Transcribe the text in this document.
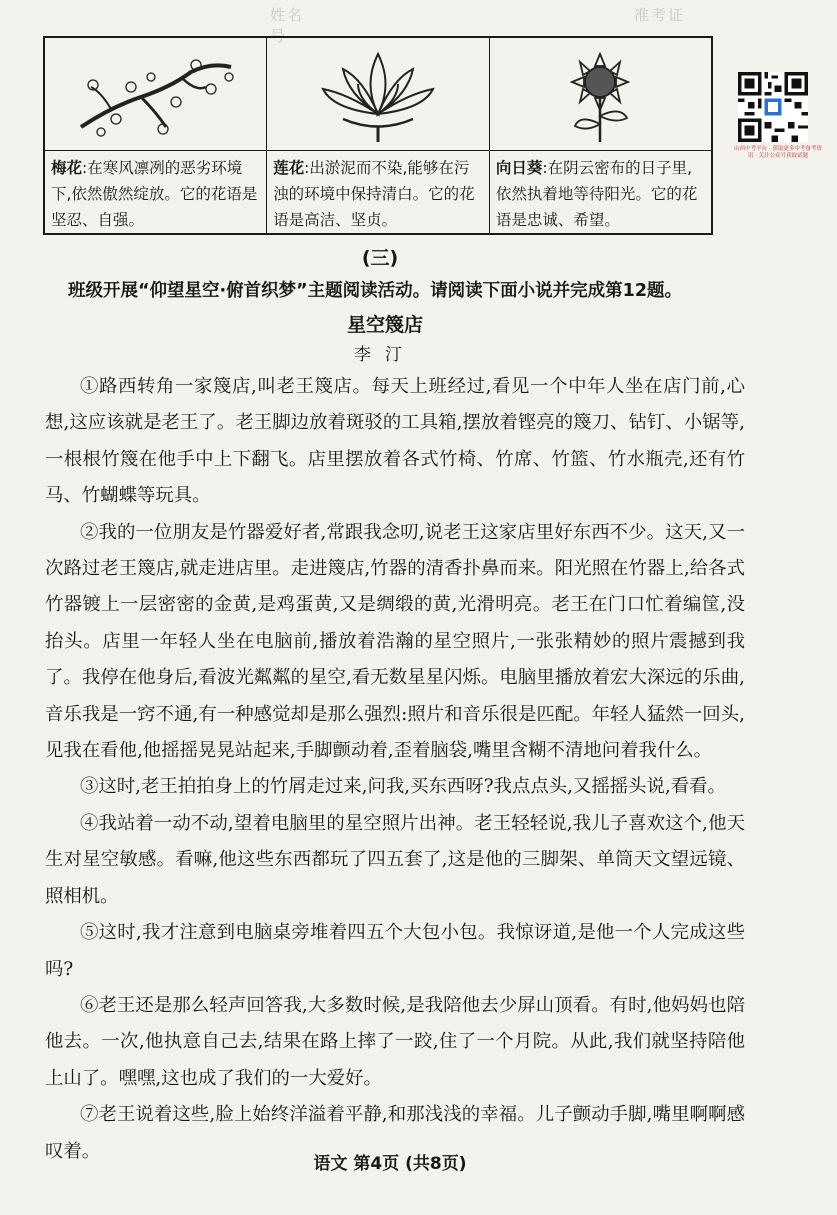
姓名	准考证号

梅花:在寒风凛冽的恶劣环境下,依然傲然绽放。它的花语是坚忍、自强。	莲花:出淤泥而不染,能够在污浊的环境中保持清白。它的花语是高洁、坚贞。	向日葵:在阴云密布的日子里,依然执着地等待阳光。它的花语是忠诚、希望。
山西中考平台 · 获取更多中考备考资讯 · 关注公众号获取试题
(三)
班级开展“仰望星空·俯首织梦”主题阅读活动。请阅读下面小说并完成第12题。
星空篾店
李汀

①路西转角一家篾店,叫老王篾店。每天上班经过,看见一个中年人坐在店门前,心想,这应该就是老王了。老王脚边放着斑驳的工具箱,摆放着铿亮的篾刀、钻钉、小锯等,一根根竹篾在他手中上下翻飞。店里摆放着各式竹椅、竹席、竹篮、竹水瓶壳,还有竹马、竹蝴蝶等玩具。

②我的一位朋友是竹器爱好者,常跟我念叨,说老王这家店里好东西不少。这天,又一次路过老王篾店,就走进店里。走进篾店,竹器的清香扑鼻而来。阳光照在竹器上,给各式竹器镀上一层密密的金黄,是鸡蛋黄,又是绸缎的黄,光滑明亮。老王在门口忙着编筐,没抬头。店里一年轻人坐在电脑前,播放着浩瀚的星空照片,一张张精妙的照片震撼到我了。我停在他身后,看波光粼粼的星空,看无数星星闪烁。电脑里播放着宏大深远的乐曲,音乐我是一窍不通,有一种感觉却是那么强烈:照片和音乐很是匹配。年轻人猛然一回头,见我在看他,他摇摇晃晃站起来,手脚颤动着,歪着脑袋,嘴里含糊不清地问着我什么。

③这时,老王拍拍身上的竹屑走过来,问我,买东西呀?我点点头,又摇摇头说,看看。

④我站着一动不动,望着电脑里的星空照片出神。老王轻轻说,我儿子喜欢这个,他天生对星空敏感。看嘛,他这些东西都玩了四五套了,这是他的三脚架、单筒天文望远镜、照相机。

⑤这时,我才注意到电脑桌旁堆着四五个大包小包。我惊讶道,是他一个人完成这些吗?

⑥老王还是那么轻声回答我,大多数时候,是我陪他去少屏山顶看。有时,他妈妈也陪他去。一次,他执意自己去,结果在路上摔了一跤,住了一个月院。从此,我们就坚持陪他上山了。嘿嘿,这也成了我们的一大爱好。

⑦老王说着这些,脸上始终洋溢着平静,和那浅浅的幸福。儿子颤动手脚,嘴里啊啊感叹着。

语文 第4页 (共8页)
